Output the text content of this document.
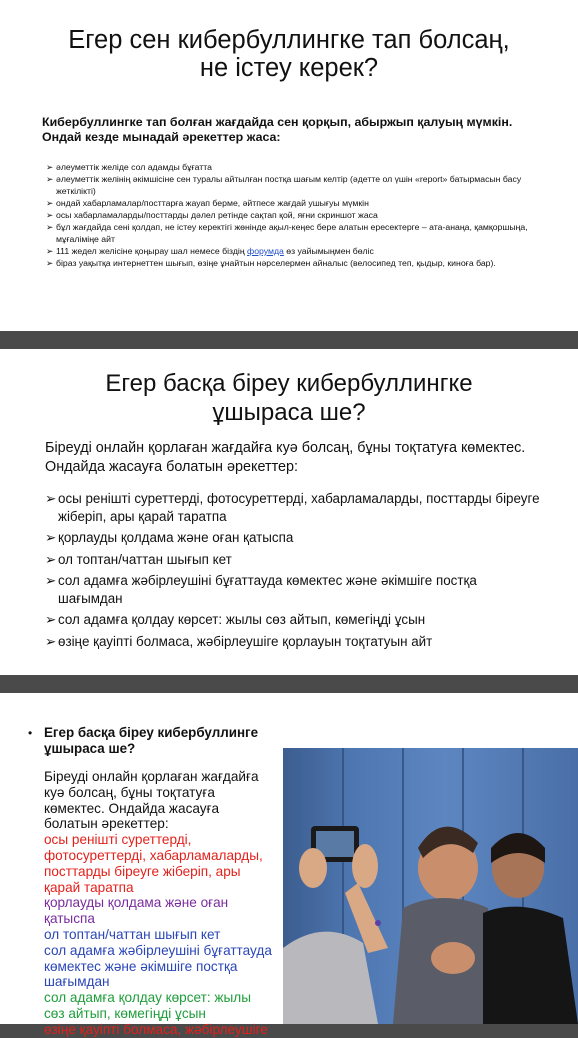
Егер сен кибербуллингке тап болсаң,
не істеу керек?
Кибербуллингке тап болған жағдайда сен қорқып, абыржып қалуың мүмкін. Ондай кезде мынадай әрекеттер жаса:
➢ әлеуметтік желіде сол адамды бұғатта
➢ әлеуметтік желінің әкімшісіне сен туралы айтылған постқа шағым келтір (әдетте ол үшін «report» батырмасын басу жеткілікті)
➢ ондай хабарламалар/посттарға жауап берме, әйтпесе жағдай ушығуы мүмкін
➢ осы хабарламаларды/посттарды дәлел ретінде сақтап қой, яғни скриншот жаса
➢ бұл жағдайда сені қолдап, не істеу керектігі жөнінде ақыл-кеңес бере алатын ересектерге – ата-анаңа, қамқоршыңа, мұғалімiңе айт
➢ 111 жедел желісіне қоңырау шал немесе біздің форумда өз уайымыңмен бөліс
➢ біраз уақытқа интернеттен шығып, өзіңе ұнайтын нәрселермен айналыс (велосипед теп, қыдыр, киноға бар).
Егер басқа біреу кибербуллингке
ұшыраса ше?
Біреуді онлайн қорлаған жағдайға куә болсаң, бұны тоқтатуға көмектес. Ондайда жасауға болатын әрекеттер:
➢ осы ренішті суреттерді, фотосуреттерді, хабарламаларды, посттарды біреуге жіберіп, ары қарай таратпа
➢ қорлауды қолдама және оған қатыспа
➢ ол топтан/чаттан шығып кет
➢ сол адамға жәбірлеушіні бұғаттауда көмектес және әкімшіге постқа шағымдан
➢ сол адамға қолдау көрсет: жылы сөз айтып, көмегіңді ұсын
➢ өзіңе қауіпті болмаса, жәбірлеушіге қорлауын тоқтатуын айт
• Егер басқа біреу кибербуллинге
ұшыраса ше?
Біреуді онлайн қорлаған жағдайға
куә болсаң, бұны тоқтатуға
көмектес. Ондайда жасауға
болатын әрекеттер:
осы ренішті суреттерді,
фотосуреттерді, хабарламаларды,
посттарды біреуге жіберіп, ары
қарай таратпа
қорлауды қолдама және оған
қатыспа
ол топтан/чаттан шығып кет
сол адамға жәбірлеушіні бұғаттауда
көмектес және әкімшіге постқа
шағымдан
сол адамға қолдау көрсет: жылы
сөз айтып, көмегіңді ұсын
өзіңе қауіпті болмаса, жәбірлеушіге
